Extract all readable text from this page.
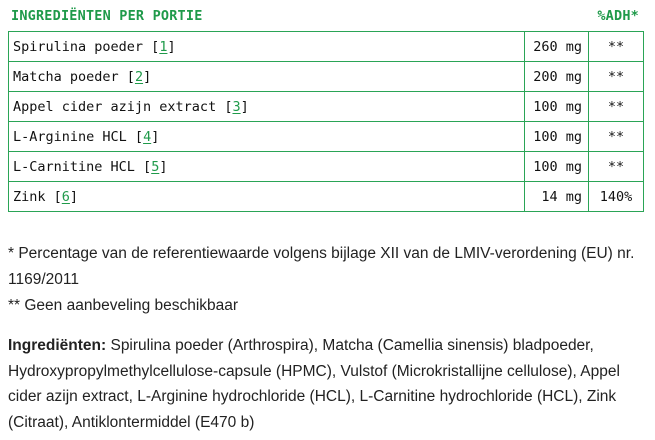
INGREDIËNTEN PER PORTIE	%ADH*
Spirulina poeder [1]	260 mg	**
Matcha poeder [2]	200 mg	**
Appel cider azijn extract [3]	100 mg	**
L-Arginine HCL [4]	100 mg	**
L-Carnitine HCL [5]	100 mg	**
Zink [6]	14 mg	140%
* Percentage van de referentiewaarde volgens bijlage XII van de LMIV-verordening (EU) nr. 1169/2011
** Geen aanbeveling beschikbaar
Ingrediënten: Spirulina poeder (Arthrospira), Matcha (Camellia sinensis) bladpoeder, Hydroxypropylmethylcellulose-capsule (HPMC), Vulstof (Microkristallijne cellulose), Appel cider azijn extract, L-Arginine hydrochloride (HCL), L-Carnitine hydrochloride (HCL), Zink (Citraat), Antiklontermiddel (E470 b)
